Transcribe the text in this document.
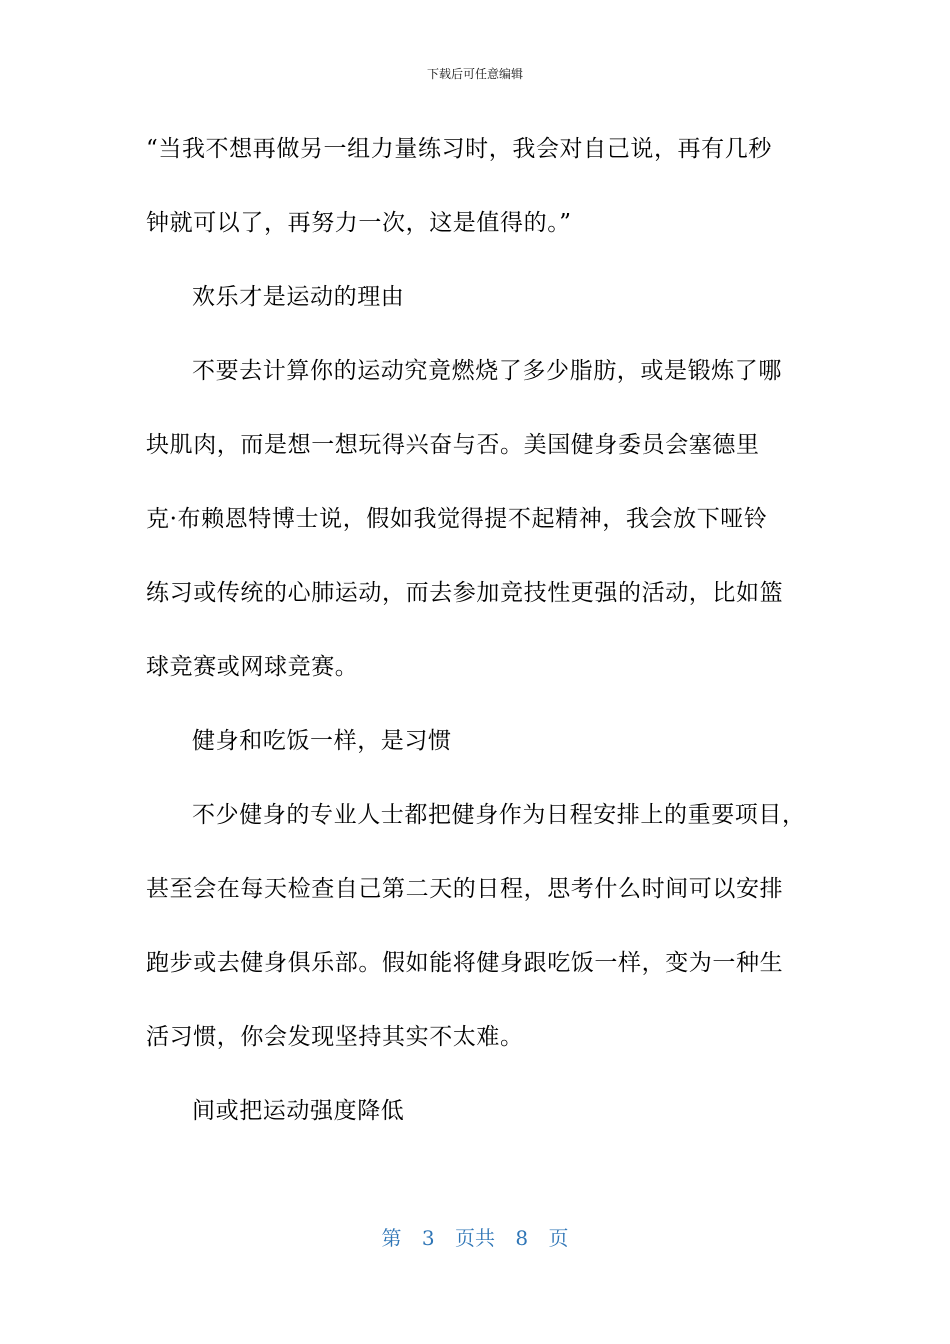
下载后可任意编辑
“当我不想再做另一组力量练习时，我会对自己说，再有几秒
钟就可以了，再努力一次，这是值得的。”
欢乐才是运动的理由
不要去计算你的运动究竟燃烧了多少脂肪，或是锻炼了哪
块肌肉，而是想一想玩得兴奋与否。美国健身委员会塞德里
克·布赖恩特博士说，假如我觉得提不起精神，我会放下哑铃
练习或传统的心肺运动，而去参加竞技性更强的活动，比如篮
球竞赛或网球竞赛。
健身和吃饭一样，是习惯
不少健身的专业人士都把健身作为日程安排上的重要项目，
甚至会在每天检查自己第二天的日程，思考什么时间可以安排
跑步或去健身俱乐部。假如能将健身跟吃饭一样，变为一种生
活习惯，你会发现坚持其实不太难。
间或把运动强度降低
第 3 页共 8 页
